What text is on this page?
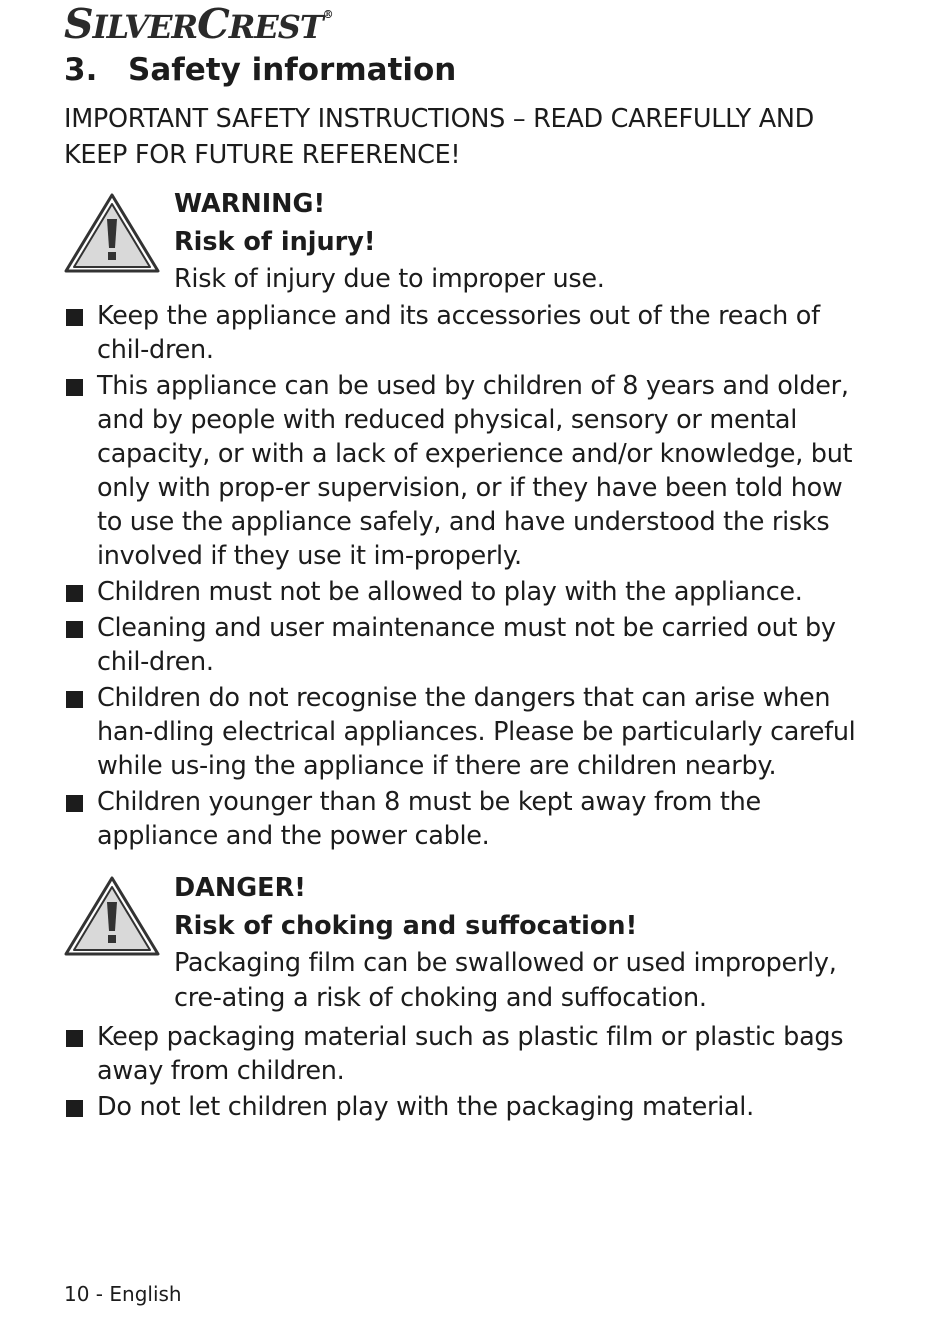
SILVERCREST®
3. Safety information
IMPORTANT SAFETY INSTRUCTIONS – READ CAREFULLY AND KEEP FOR FUTURE REFERENCE!
WARNING!
Risk of injury!
Risk of injury due to improper use.
Keep the appliance and its accessories out of the reach of chil-dren.
This appliance can be used by children of 8 years and older, and by people with reduced physical, sensory or mental capacity, or with a lack of experience and/or knowledge, but only with prop-er supervision, or if they have been told how to use the appliance safely, and have understood the risks involved if they use it im-properly.
Children must not be allowed to play with the appliance.
Cleaning and user maintenance must not be carried out by chil-dren.
Children do not recognise the dangers that can arise when han-dling electrical appliances. Please be particularly careful while us-ing the appliance if there are children nearby.
Children younger than 8 must be kept away from the appliance and the power cable.
DANGER!
Risk of choking and suffocation!
Packaging film can be swallowed or used improperly, cre-ating a risk of choking and suffocation.
Keep packaging material such as plastic film or plastic bags away from children.
Do not let children play with the packaging material.
10 - English
